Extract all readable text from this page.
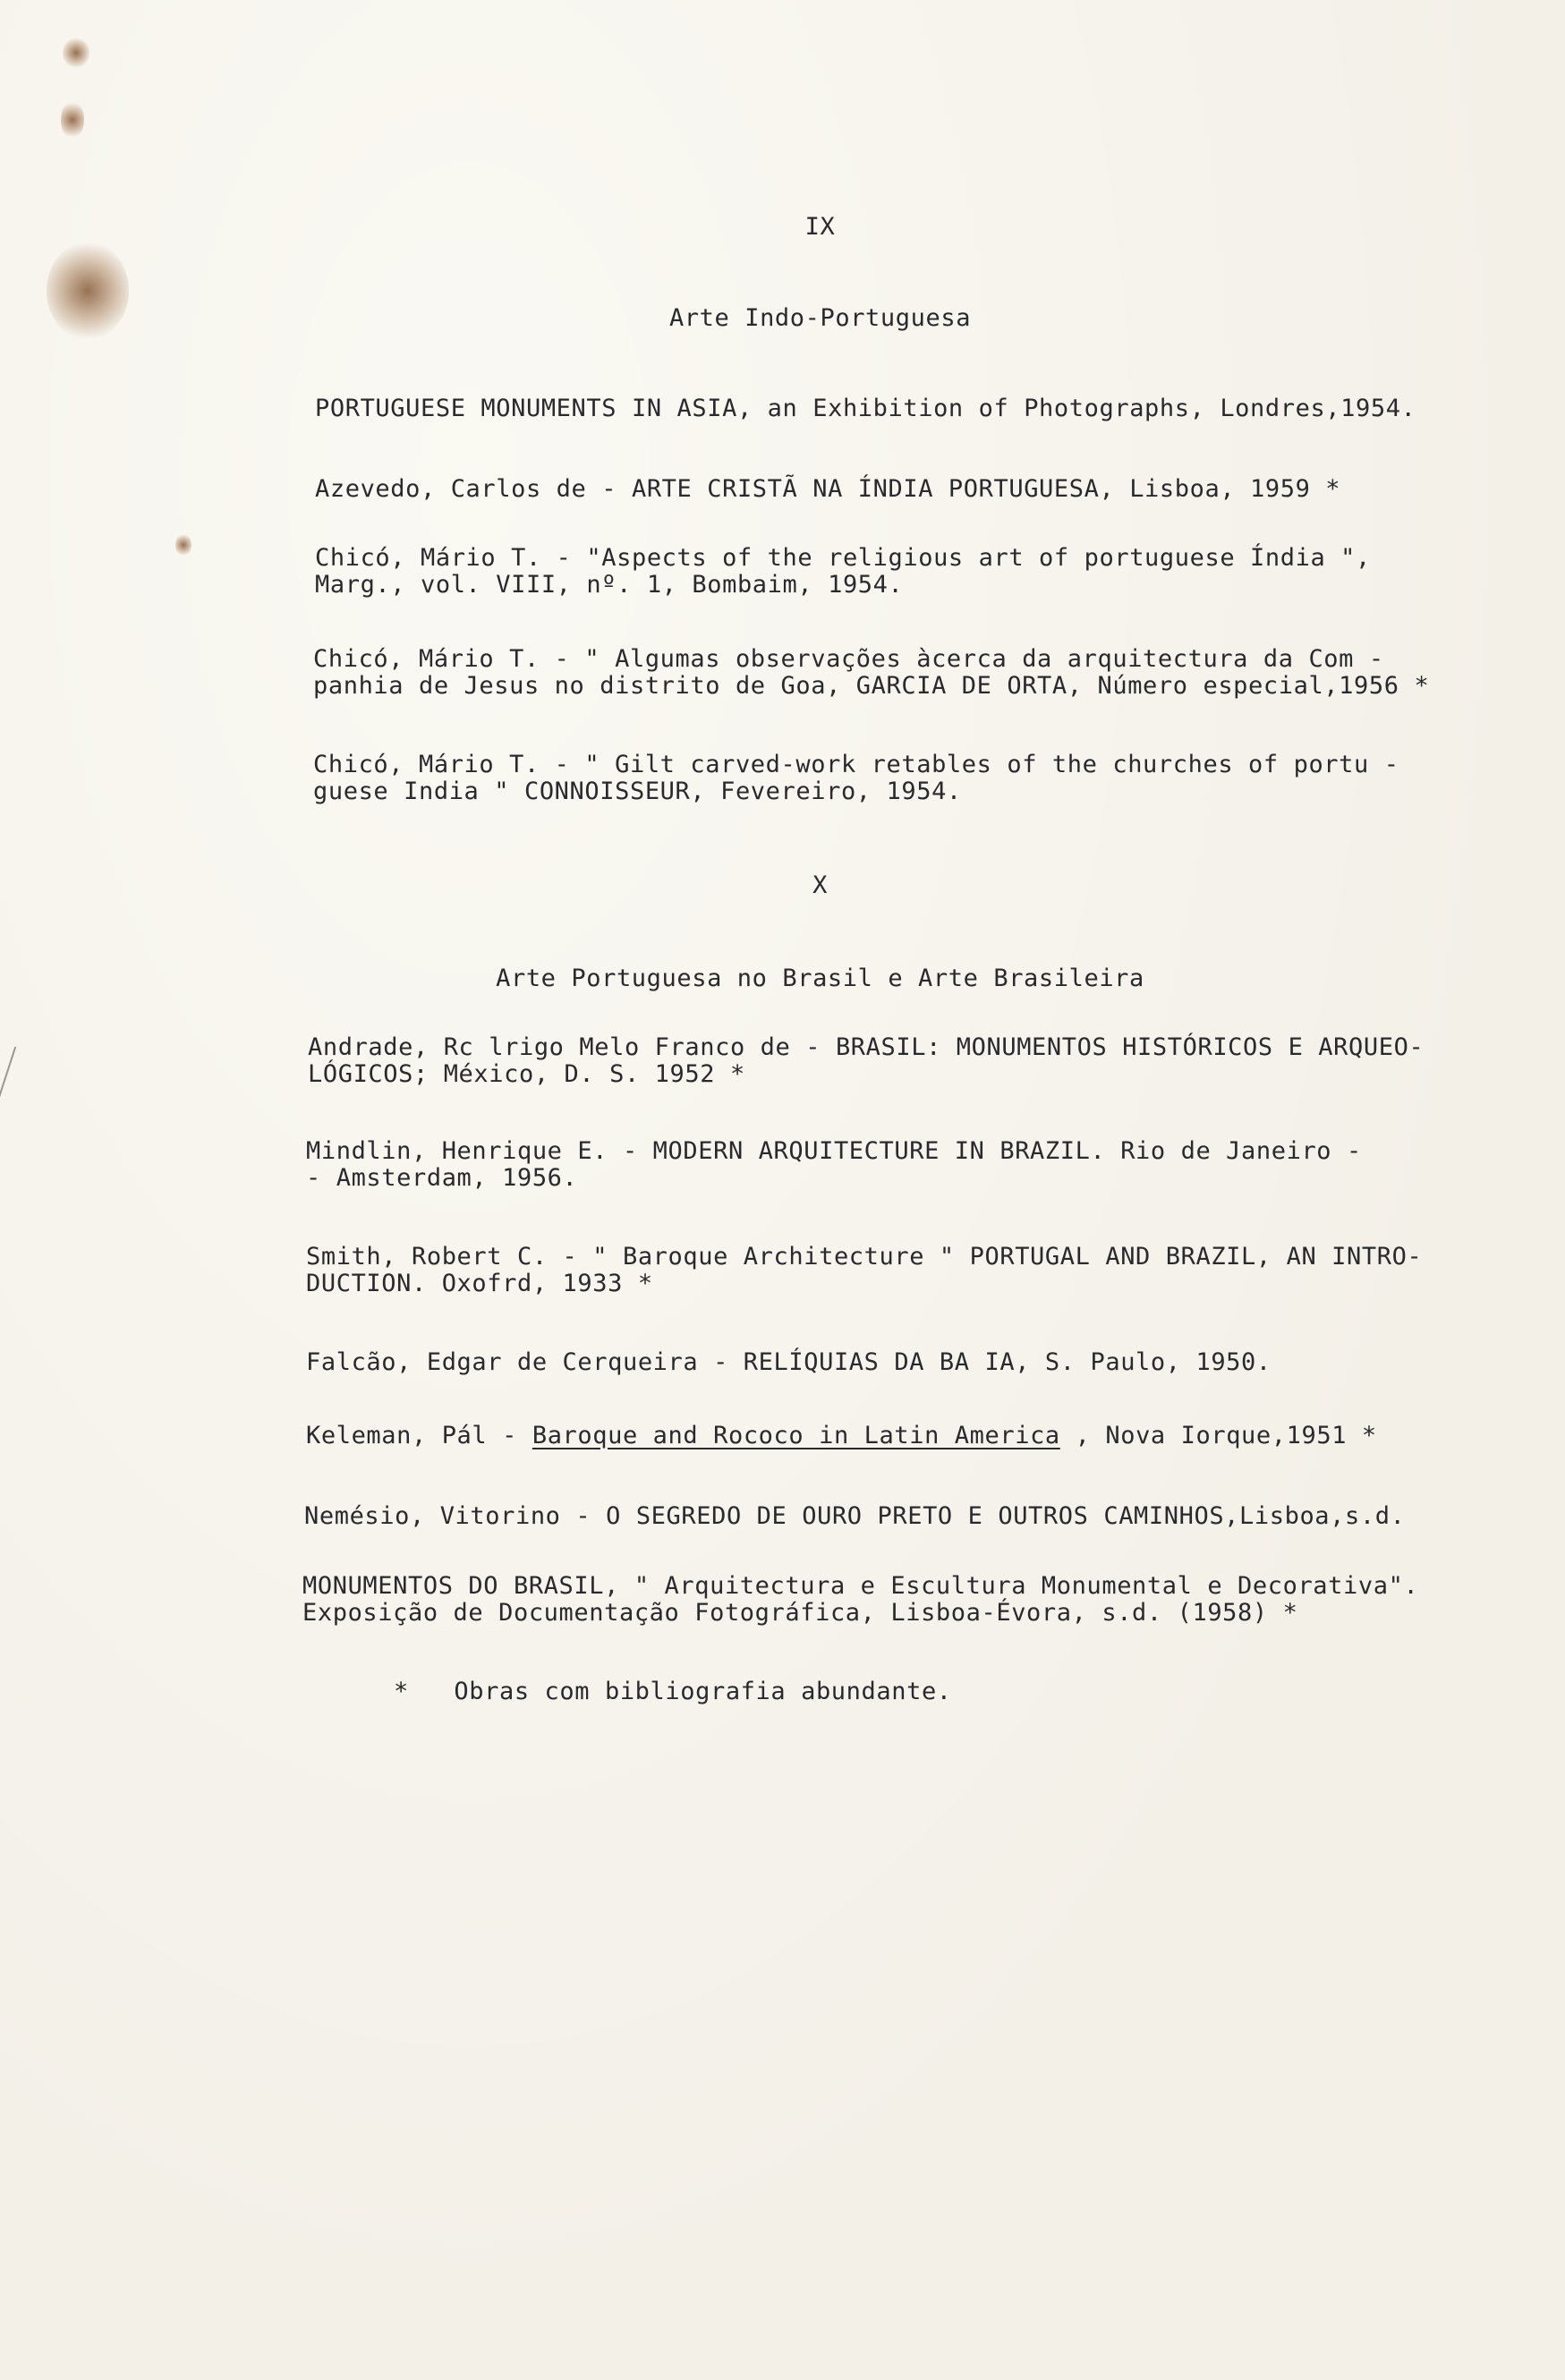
IX
Arte Indo-Portuguesa
PORTUGUESE MONUMENTS IN ASIA, an Exhibition of Photographs, Londres,1954.
Azevedo, Carlos de - ARTE CRISTÃ NA ÍNDIA PORTUGUESA, Lisboa, 1959 *
Chicó, Mário T. - "Aspects of the religious art of portuguese Índia ",
Marg., vol. VIII, nº. 1, Bombaim, 1954.
Chicó, Mário T. - " Algumas observações àcerca da arquitectura da Com -
panhia de Jesus no distrito de Goa, GARCIA DE ORTA, Número especial,1956 *
Chicó, Mário T. - " Gilt carved-work retables of the churches of portu -
guese India " CONNOISSEUR, Fevereiro, 1954.
X
Arte Portuguesa no Brasil e Arte Brasileira
Andrade, Rc lrigo Melo Franco de - BRASIL: MONUMENTOS HISTÓRICOS E ARQUEO-
LÓGICOS; México, D. S. 1952 *
Mindlin, Henrique E. - MODERN ARQUITECTURE IN BRAZIL. Rio de Janeiro -
- Amsterdam, 1956.
Smith, Robert C. - " Baroque Architecture " PORTUGAL AND BRAZIL, AN INTRO-
DUCTION. Oxofrd, 1933 *
Falcão, Edgar de Cerqueira - RELÍQUIAS DA BA IA, S. Paulo, 1950.
Keleman, Pál - Baroque and Rococo in Latin America , Nova Iorque,1951 *
Nemésio, Vitorino - O SEGREDO DE OURO PRETO E OUTROS CAMINHOS,Lisboa,s.d.
MONUMENTOS DO BRASIL, " Arquitectura e Escultura Monumental e Decorativa".
Exposição de Documentação Fotográfica, Lisboa-Évora, s.d. (1958) *
*   Obras com bibliografia abundante.
